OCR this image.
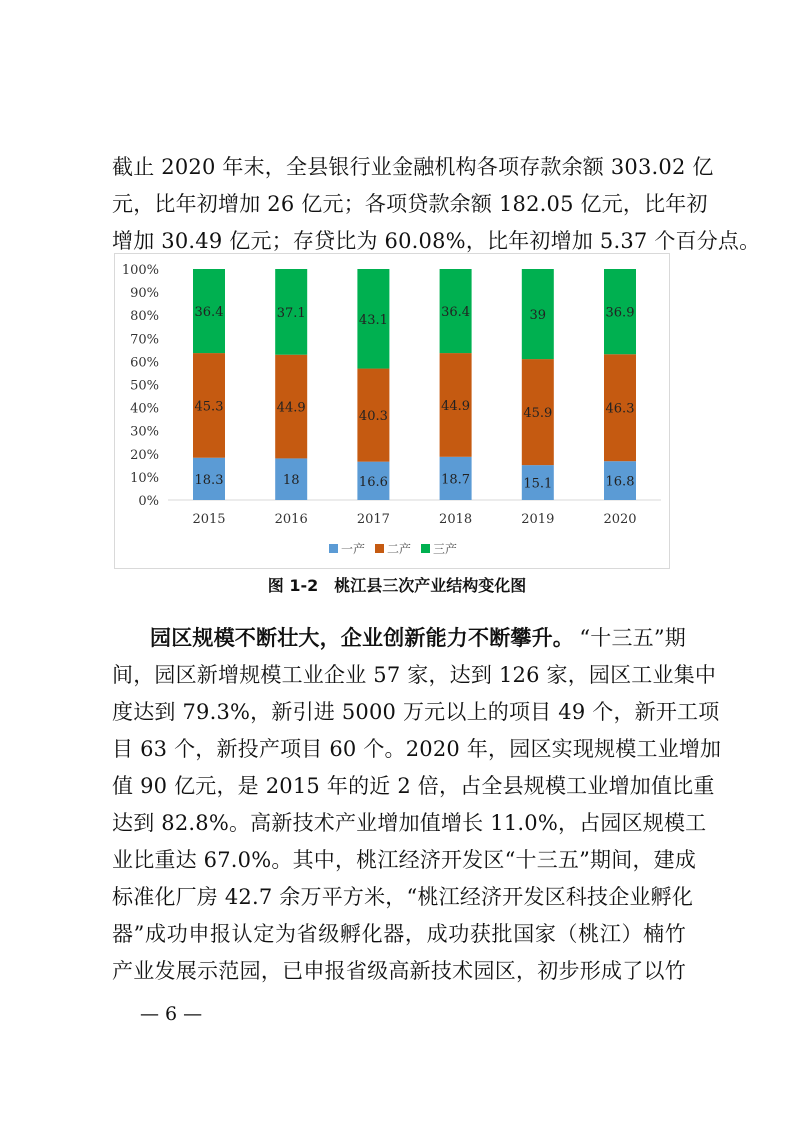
截止 2020 年末，全县银行业金融机构各项存款余额 303.02 亿
元，比年初增加 26 亿元；各项贷款余额 182.05 亿元，比年初
增加 30.49 亿元；存贷比为 60.08%，比年初增加 5.37 个百分点。
0%
10%
20%
30%
40%
50%
60%
70%
80%
90%
100%
18.3
45.3
36.4
2015
18
44.9
37.1
2016
16.6
40.3
43.1
2017
18.7
44.9
36.4
2018
15.1
45.9
39
2019
16.8
46.3
36.9
2020
一产 二产 三产
图 1-2　桃江县三次产业结构变化图
园区规模不断壮大，企业创新能力不断攀升。 “十三五”期
间，园区新增规模工业企业 57 家，达到 126 家，园区工业集中
度达到 79.3%，新引进 5000 万元以上的项目 49 个，新开工项
目 63 个，新投产项目 60 个。2020 年，园区实现规模工业增加
值 90 亿元，是 2015 年的近 2 倍，占全县规模工业增加值比重
达到 82.8%。高新技术产业增加值增长 11.0%，占园区规模工
业比重达 67.0%。其中，桃江经济开发区“十三五”期间，建成
标准化厂房 42.7 余万平方米，“桃江经济开发区科技企业孵化
器”成功申报认定为省级孵化器，成功获批国家（桃江）楠竹
产业发展示范园，已申报省级高新技术园区，初步形成了以竹
— 6 —
